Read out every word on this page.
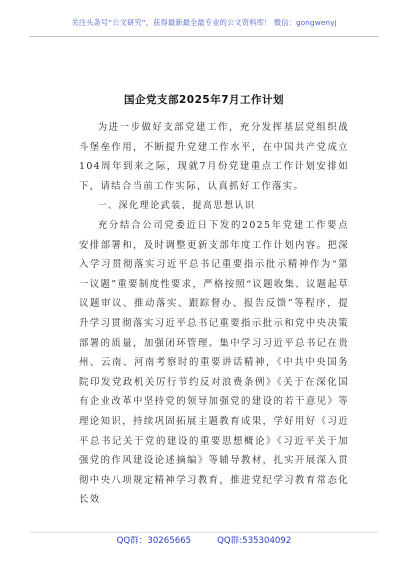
关注头条号“公文研究”，获得最新最全最专业的公文资料库！ 微信：gongwenyj
国企党支部2025年7月工作计划

为进一步做好支部党建工作，充分发挥基层党组织战斗堡垒作用，不断提升党建工作水平，在中国共产党成立104周年到来之际，现就7月份党建重点工作计划安排如下，请结合当前工作实际，认真抓好工作落实。

一、深化理论武装，提高思想认识

充分结合公司党委近日下发的2025年党建工作要点安排部署和，及时调整更新支部年度工作计划内容。把深入学习贯彻落实习近平总书记重要指示批示精神作为“第一议题”重要制度性要求，严格按照“议题收集、议题起草议题审议、推动落实、跟踪督办、报告反馈”等程序，提升学习贯彻落实习近平总书记重要指示批示和党中央决策部署的质量，加强闭环管理。集中学习习近平总书记在贵州、云南、河南考察时的重要讲话精神，《中共中央国务院印发党政机关厉行节约反对浪费条例》《关于在深化国有企业改革中坚持党的领导加强党的建设的若干意见》等理论知识，持续巩固拓展主题教育成果，学好用好《习近平总书记关于党的建设的重要思想概论》《习近平关于加强党的作风建设论述摘编》等辅导教材，扎实开展深入贯彻中央八项规定精神学习教育，推进党纪学习教育常态化长效

QQ群：30265665	QQ群:535304092
